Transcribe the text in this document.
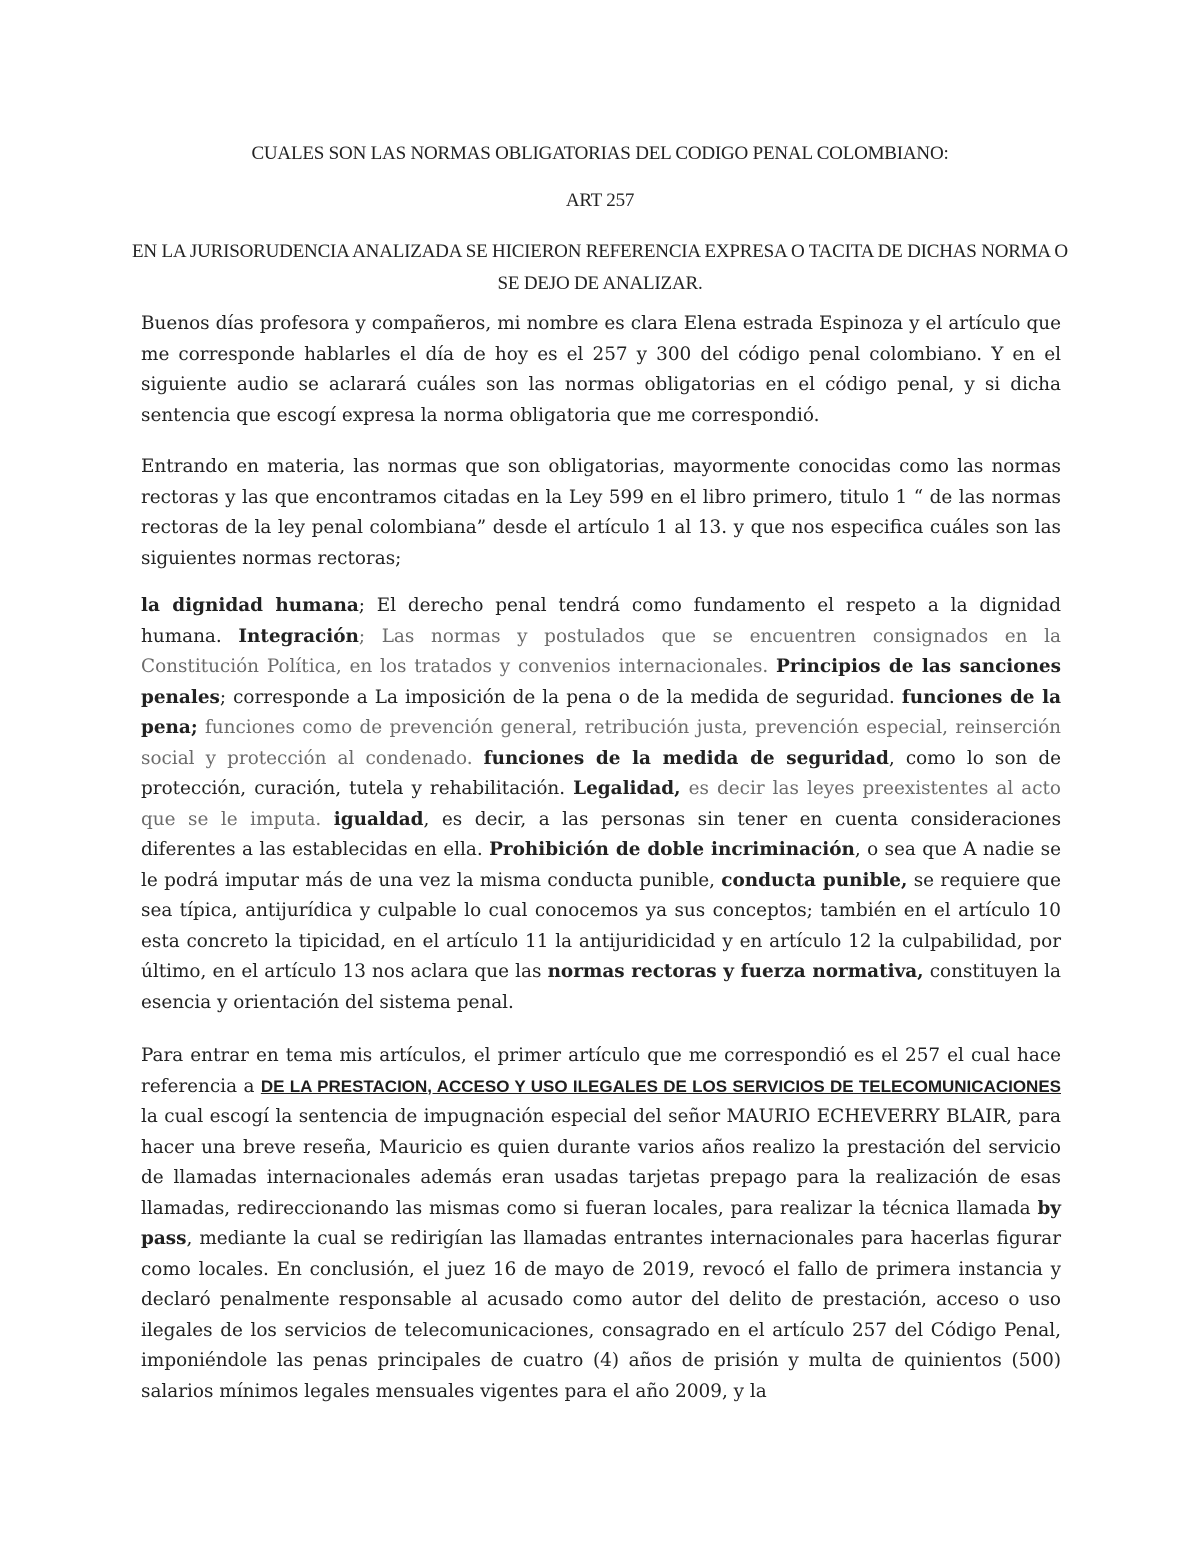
CUALES SON LAS NORMAS OBLIGATORIAS DEL CODIGO PENAL COLOMBIANO:
ART 257
EN LA JURISORUDENCIA ANALIZADA SE HICIERON REFERENCIA EXPRESA O TACITA DE DICHAS NORMA O SE DEJO DE ANALIZAR.

Buenos días profesora y compañeros, mi nombre es clara Elena estrada Espinoza y el artículo que me corresponde hablarles el día de hoy es el 257 y 300 del código penal colombiano. Y en el siguiente audio se aclarará cuáles son las normas obligatorias en el código penal, y si dicha sentencia que escogí expresa la norma obligatoria que me correspondió.

Entrando en materia, las normas que son obligatorias, mayormente conocidas como las normas rectoras y las que encontramos citadas en la Ley 599 en el libro primero, titulo 1 “ de las normas rectoras de la ley penal colombiana” desde el artículo 1 al 13. y que nos especifica cuáles son las siguientes normas rectoras;

la dignidad humana; El derecho penal tendrá como fundamento el respeto a la dignidad humana. Integración; Las normas y postulados que se encuentren consignados en la Constitución Política, en los tratados y convenios internacionales. Principios de las sanciones penales; corresponde a La imposición de la pena o de la medida de seguridad. funciones de la pena; funciones como de prevención general, retribución justa, prevención especial, reinserción social y protección al condenado. funciones de la medida de seguridad, como lo son de protección, curación, tutela y rehabilitación. Legalidad, es decir las leyes preexistentes al acto que se le imputa. igualdad, es decir, a las personas sin tener en cuenta consideraciones diferentes a las establecidas en ella. Prohibición de doble incriminación, o sea que A nadie se le podrá imputar más de una vez la misma conducta punible, conducta punible, se requiere que sea típica, antijurídica y culpable lo cual conocemos ya sus conceptos; también en el artículo 10 esta concreto la tipicidad, en el artículo 11 la antijuridicidad y en artículo 12 la culpabilidad, por último, en el artículo 13 nos aclara que las normas rectoras y fuerza normativa, constituyen la esencia y orientación del sistema penal.

Para entrar en tema mis artículos, el primer artículo que me correspondió es el 257 el cual hace referencia a DE LA PRESTACION, ACCESO Y USO ILEGALES DE LOS SERVICIOS DE TELECOMUNICACIONES la cual escogí la sentencia de impugnación especial del señor MAURIO ECHEVERRY BLAIR, para hacer una breve reseña, Mauricio es quien durante varios años realizo la prestación del servicio de llamadas internacionales además eran usadas tarjetas prepago para la realización de esas llamadas, redireccionando las mismas como si fueran locales, para realizar la técnica llamada by pass, mediante la cual se redirigían las llamadas entrantes internacionales para hacerlas figurar como locales. En conclusión, el juez 16 de mayo de 2019, revocó el fallo de primera instancia y declaró penalmente responsable al acusado como autor del delito de prestación, acceso o uso ilegales de los servicios de telecomunicaciones, consagrado en el artículo 257 del Código Penal, imponiéndole las penas principales de cuatro (4) años de prisión y multa de quinientos (500) salarios mínimos legales mensuales vigentes para el año 2009, y la
